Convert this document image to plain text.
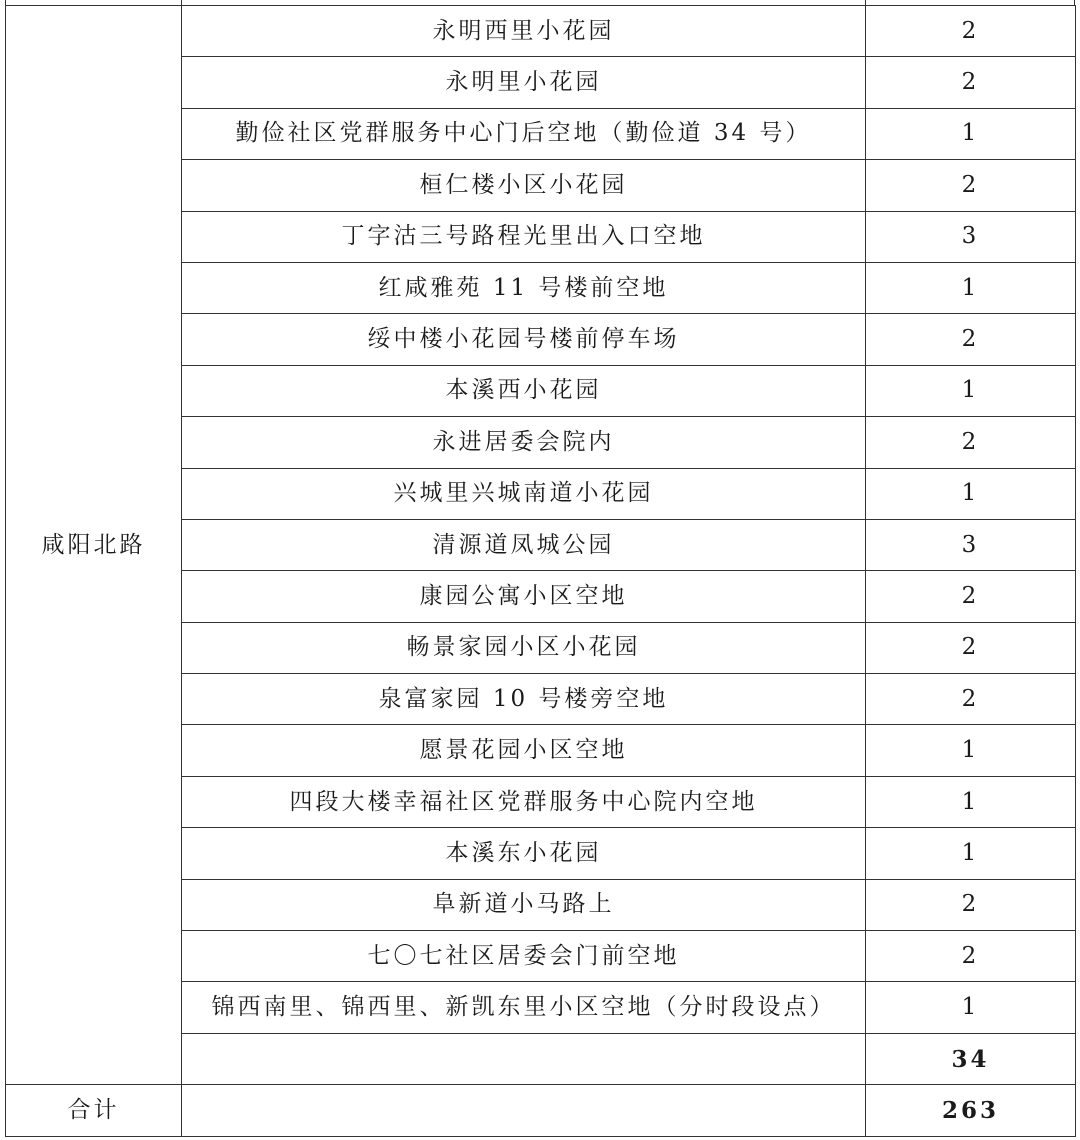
咸阳北路	永明西里小花园	2
	永明里小花园	2
	勤俭社区党群服务中心门后空地（勤俭道 34 号）	1
	桓仁楼小区小花园	2
	丁字沽三号路程光里出入口空地	3
	红咸雅苑 11 号楼前空地	1
	绥中楼小花园号楼前停车场	2
	本溪西小花园	1
	永进居委会院内	2
	兴城里兴城南道小花园	1
	清源道凤城公园	3
	康园公寓小区空地	2
	畅景家园小区小花园	2
	泉富家园 10 号楼旁空地	2
	愿景花园小区空地	1
	四段大楼幸福社区党群服务中心院内空地	1
	本溪东小花园	1
	阜新道小马路上	2
	七〇七社区居委会门前空地	2
	锦西南里、锦西里、新凯东里小区空地（分时段设点）	1
		34
合计		263
